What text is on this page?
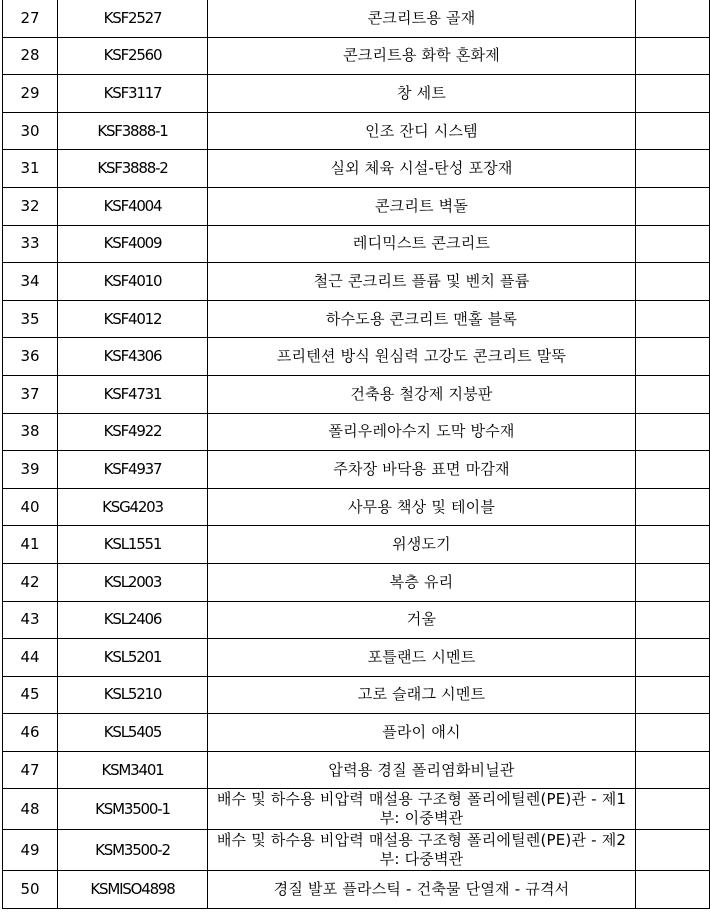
27	KSF2527	콘크리트용 골재	
28	KSF2560	콘크리트용 화학 혼화제	
29	KSF3117	창 세트	
30	KSF3888-1	인조 잔디 시스템	
31	KSF3888-2	실외 체육 시설-탄성 포장재	
32	KSF4004	콘크리트 벽돌	
33	KSF4009	레디믹스트 콘크리트	
34	KSF4010	철근 콘크리트 플륨 및 벤치 플륨	
35	KSF4012	하수도용 콘크리트 맨홀 블록	
36	KSF4306	프리텐션 방식 원심력 고강도 콘크리트 말뚝	
37	KSF4731	건축용 철강제 지붕판	
38	KSF4922	폴리우레아수지 도막 방수재	
39	KSF4937	주차장 바닥용 표면 마감재	
40	KSG4203	사무용 책상 및 테이블	
41	KSL1551	위생도기	
42	KSL2003	복층 유리	
43	KSL2406	거울	
44	KSL5201	포틀랜드 시멘트	
45	KSL5210	고로 슬래그 시멘트	
46	KSL5405	플라이 애시	
47	KSM3401	압력용 경질 폴리염화비닐관	
48	KSM3500-1	배수 및 하수용 비압력 매설용 구조형 폴리에틸렌(PE)관 - 제1부: 이중벽관	
49	KSM3500-2	배수 및 하수용 비압력 매설용 구조형 폴리에틸렌(PE)관 - 제2부: 다중벽관	
50	KSMISO4898	경질 발포 플라스틱 - 건축물 단열재 - 규격서	
